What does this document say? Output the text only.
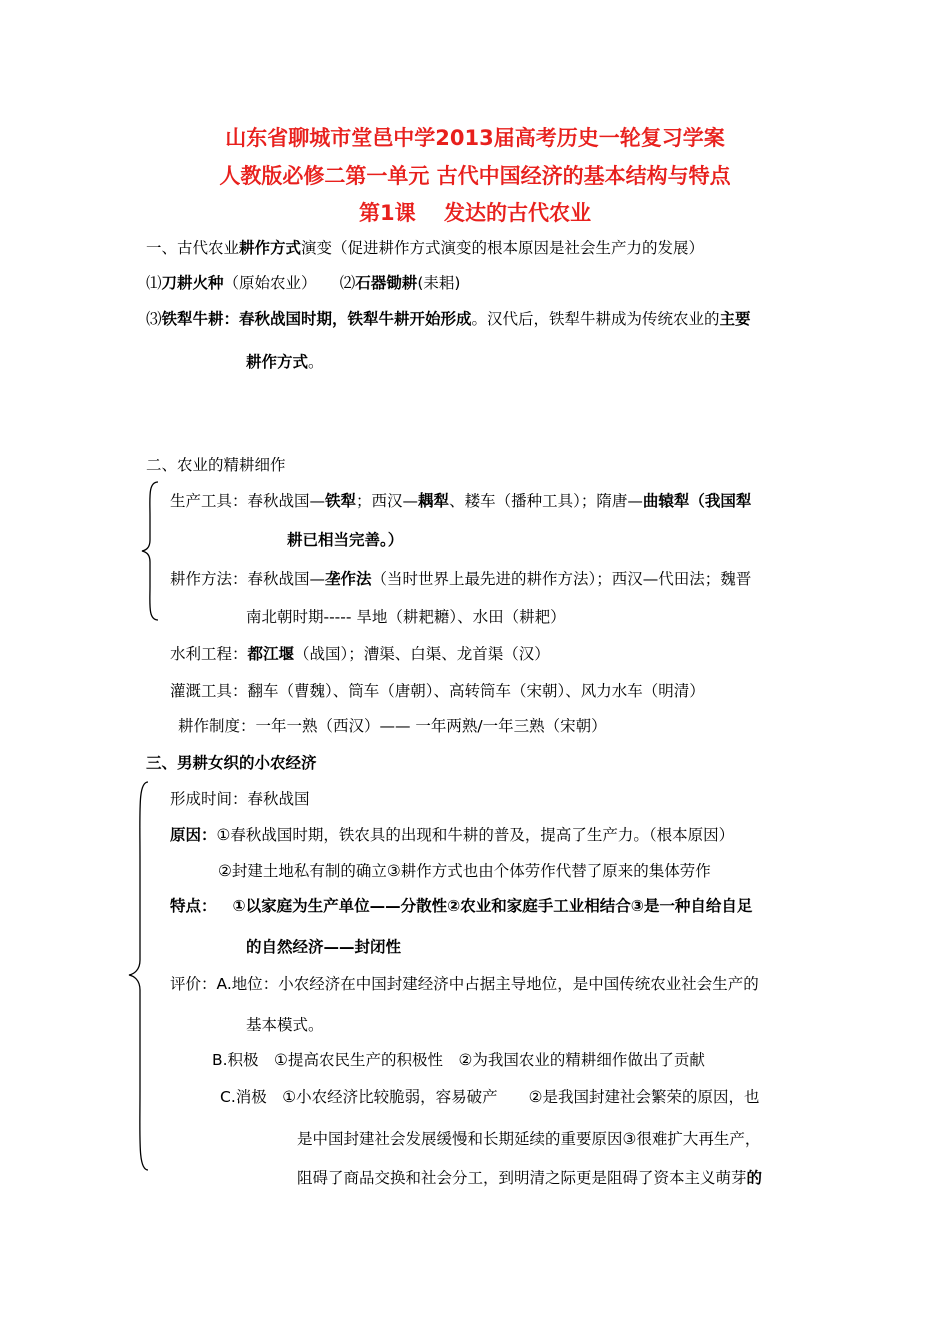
山东省聊城市堂邑中学2013届高考历史一轮复习学案
人教版必修二第一单元 古代中国经济的基本结构与特点
第1课　 发达的古代农业
一、古代农业耕作方式演变（促进耕作方式演变的根本原因是社会生产力的发展）
⑴刀耕火种（原始农业）　　⑵石器锄耕(耒耜)
⑶铁犁牛耕：春秋战国时期，铁犁牛耕开始形成。汉代后，铁犁牛耕成为传统农业的主要
耕作方式。
二、农业的精耕细作
生产工具：春秋战国—铁犁；西汉—耦犁、耧车（播种工具）；隋唐—曲辕犁（我国犁
耕已相当完善。）
耕作方法：春秋战国—垄作法（当时世界上最先进的耕作方法）；西汉—代田法；魏晋
南北朝时期----- 旱地（耕耙耱）、水田（耕耙）
水利工程：都江堰（战国）；漕渠、白渠、龙首渠（汉）
灌溉工具：翻车（曹魏）、筒车（唐朝）、高转筒车（宋朝）、风力水车（明清）
耕作制度：一年一熟（西汉）—— 一年两熟/一年三熟（宋朝）
三、男耕女织的小农经济
形成时间：春秋战国
原因：①春秋战国时期，铁农具的出现和牛耕的普及，提高了生产力。（根本原因）
②封建土地私有制的确立③耕作方式也由个体劳作代替了原来的集体劳作
特点： ①以家庭为生产单位——分散性②农业和家庭手工业相结合③是一种自给自足
的自然经济——封闭性
评价：A.地位：小农经济在中国封建经济中占据主导地位，是中国传统农业社会生产的
基本模式。
B.积极　①提高农民生产的积极性　②为我国农业的精耕细作做出了贡献
C.消极　①小农经济比较脆弱，容易破产　　②是我国封建社会繁荣的原因，也
是中国封建社会发展缓慢和长期延续的重要原因③很难扩大再生产，
阻碍了商品交换和社会分工，到明清之际更是阻碍了资本主义萌芽的
